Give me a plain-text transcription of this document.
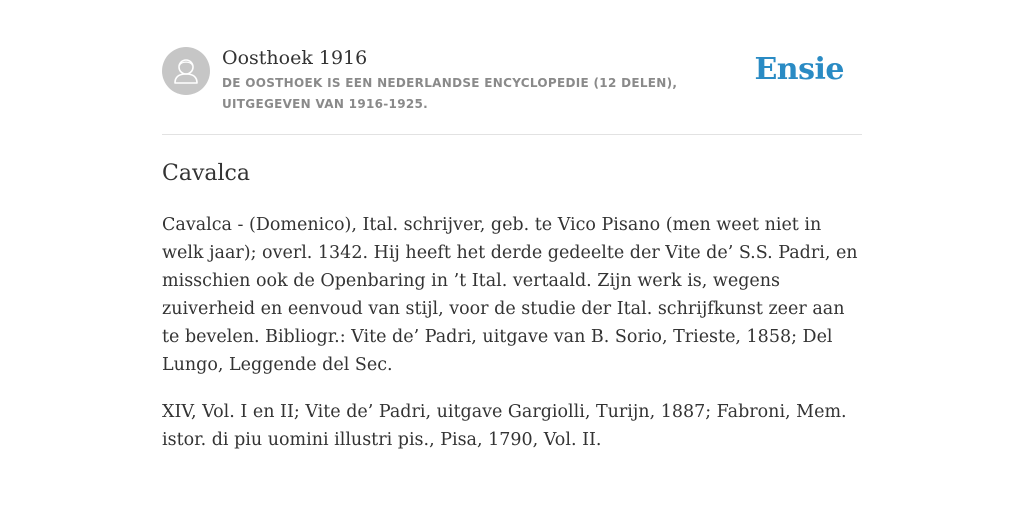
Oosthoek 1916
DE OOSTHOEK IS EEN NEDERLANDSE ENCYCLOPEDIE (12 DELEN), UITGEGEVEN VAN 1916-1925.
Ensie
Cavalca

Cavalca - (Domenico), Ital. schrijver, geb. te Vico Pisano (men weet niet in welk jaar); overl. 1342. Hij heeft het derde gedeelte der Vite de’ S.S. Padri, en misschien ook de Openbaring in ’t Ital. vertaald. Zijn werk is, wegens zuiverheid en eenvoud van stijl, voor de studie der Ital. schrijfkunst zeer aan te bevelen. Bibliogr.: Vite de’ Padri, uitgave van B. Sorio, Trieste, 1858; Del Lungo, Leggende del Sec.

XIV, Vol. I en II; Vite de’ Padri, uitgave Gargiolli, Turijn, 1887; Fabroni, Mem. istor. di piu uomini illustri pis., Pisa, 1790, Vol. II.
